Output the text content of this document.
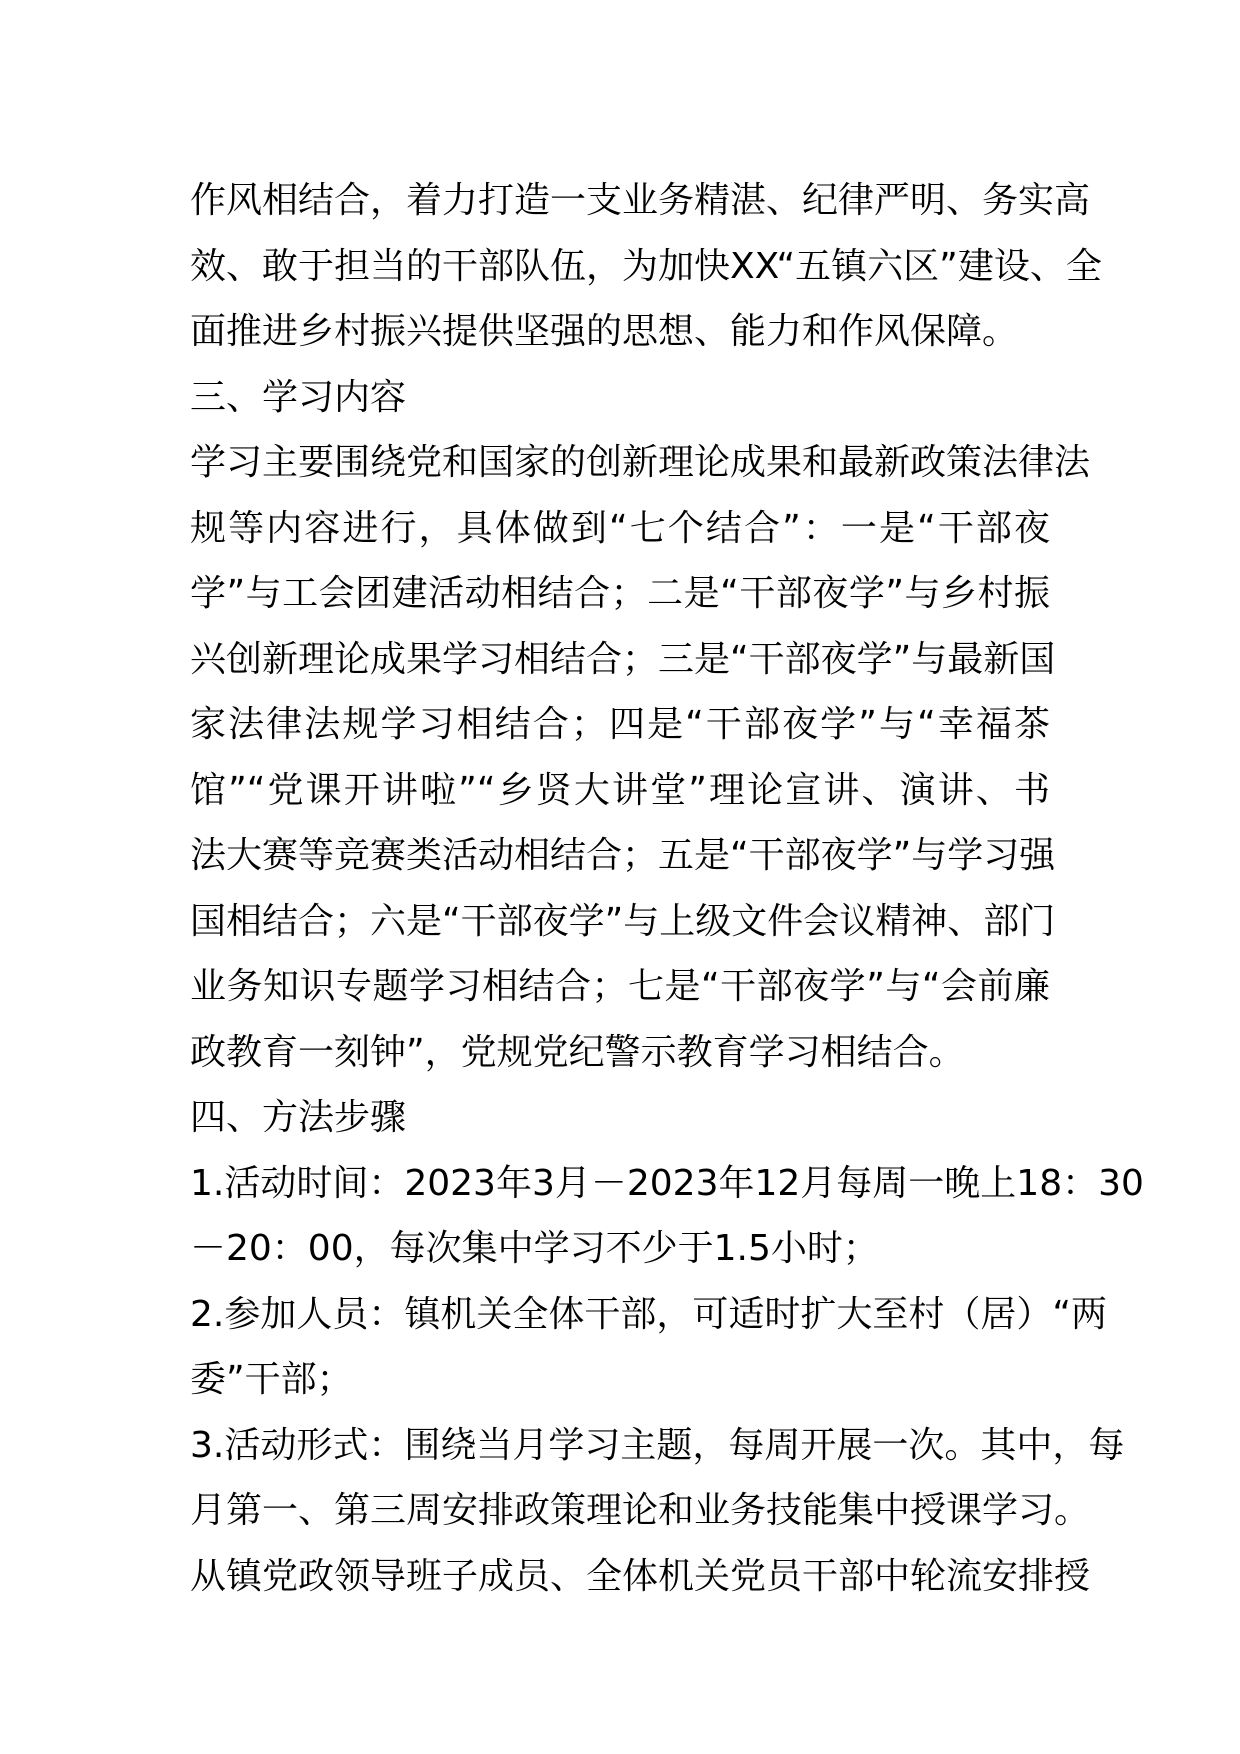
作风相结合，着力打造一支业务精湛、纪律严明、务实高
效、敢于担当的干部队伍，为加快XX“五镇六区”建设、全
面推进乡村振兴提供坚强的思想、能力和作风保障。
三、学习内容
学习主要围绕党和国家的创新理论成果和最新政策法律法
规等内容进行，具体做到“七个结合”：一是“干部夜
学”与工会团建活动相结合；二是“干部夜学”与乡村振
兴创新理论成果学习相结合；三是“干部夜学”与最新国
家法律法规学习相结合；四是“干部夜学”与“幸福茶
馆”“党课开讲啦”“乡贤大讲堂”理论宣讲、演讲、书
法大赛等竞赛类活动相结合；五是“干部夜学”与学习强
国相结合；六是“干部夜学”与上级文件会议精神、部门
业务知识专题学习相结合；七是“干部夜学”与“会前廉
政教育一刻钟”，党规党纪警示教育学习相结合。
四、方法步骤
1.活动时间：2023年3月－2023年12月每周一晚上18：30
－20：00，每次集中学习不少于1.5小时；
2.参加人员：镇机关全体干部，可适时扩大至村（居）“两
委”干部；
3.活动形式：围绕当月学习主题，每周开展一次。其中，每
月第一、第三周安排政策理论和业务技能集中授课学习。
从镇党政领导班子成员、全体机关党员干部中轮流安排授
